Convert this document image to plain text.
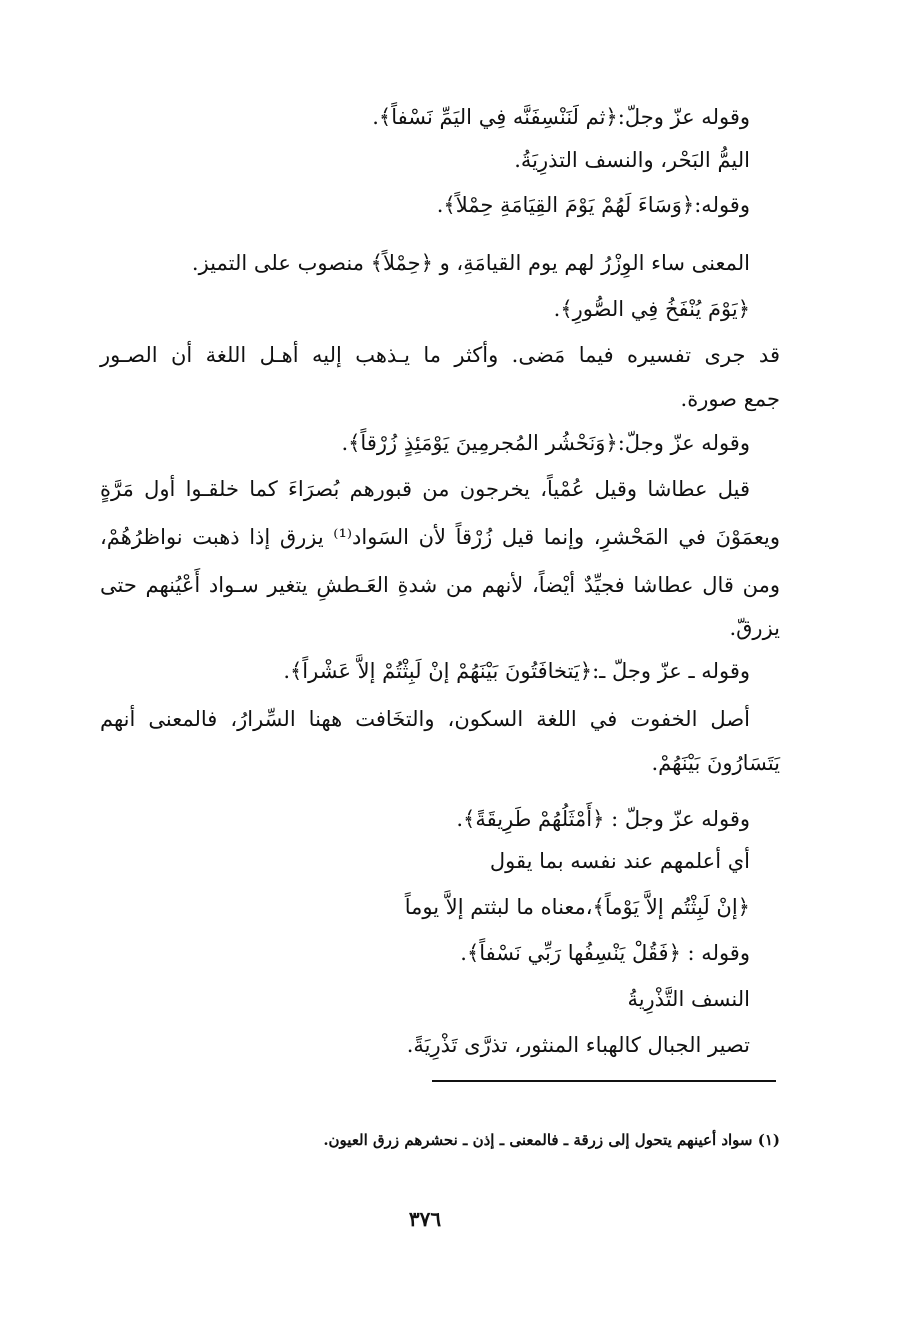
وقوله عزّ وجلّ:﴿ثم لَنَنْسِفَنَّه فِي اليَمِّ نَسْفاً﴾.
اليمُّ البَحْر، والنسف التذرِيَةُ.
وقوله:﴿وَسَاءَ لَهُمْ يَوْمَ القِيَامَةِ حِمْلاً﴾.
المعنى ساء الوِزْرُ لهم يوم القيامَةِ، و ﴿حِمْلاً﴾ منصوب على التميز.
﴿يَوْمَ يُنْفَخُ فِي الصُّورِ﴾.
قد جرى تفسيره فيما مَضى. وأكثر ما يـذهب إليه أهـل اللغة أن الصـور
جمع صورة.
وقوله عزّ وجلّ:﴿وَنَحْشُر المُجرمِينَ يَوْمَئِذٍ زُرْقاً﴾.
قيل عطاشا وقيل عُمْياً، يخرجون من قبورهم بُصرَاءَ كما خلقـوا أول مَرَّةٍ
ويعمَوْنَ في المَحْشرِ، وإنما قيل زُرْقاً لأن السَواد⁽¹⁾ يزرق إذا ذهبت نواظرُهُمْ،
ومن قال عطاشا فجيِّدٌ أيْضاً، لأنهم من شدةِ العَـطشِ يتغير سـواد أَعْيُنهم حتى
يزرقّ.
وقوله ـ عزّ وجلّ ـ:﴿يَتخافَتُونَ بَيْنَهُمْ إنْ لَبِثْتُمْ إلاَّ عَشْراً﴾.
أصل الخفوت في اللغة السكون، والتخَافت ههنا السِّرارُ، فالمعنى أنهم
يَتَسَارُونَ بَيْنَهُمْ.
وقوله عزّ وجلّ : ﴿أَمْثَلُهُمْ طَرِيقَةً﴾.
أي أعلمهم عند نفسه بما يقول
﴿إنْ لَبِثْتُم إلاَّ يَوْماً﴾،معناه ما لبثتم إلاَّ يوماً
وقوله : ﴿فَقُلْ يَنْسِفُها رَبِّي نَسْفاً﴾.
النسف التَّذْرِيةُ
تصير الجبال كالهباء المنثور، تذرَّى تَذْرِيَةً.
(١) سواد أعينهم يتحول إلى زرقة ـ فالمعنى ـ إذن ـ نحشرهم زرق العيون.
٣٧٦
